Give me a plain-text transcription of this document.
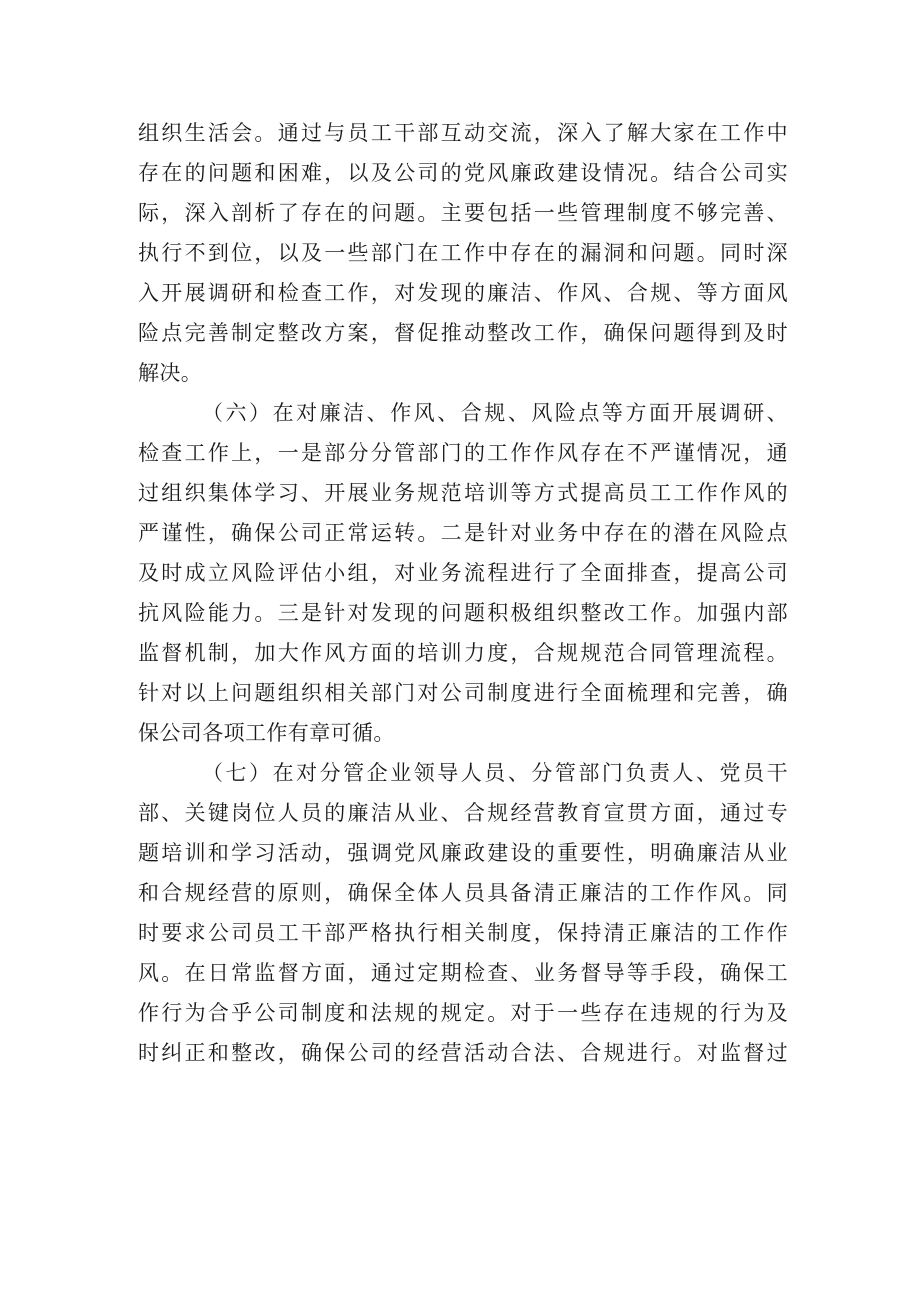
组织生活会。通过与员工干部互动交流，深入了解大家在工作中
存在的问题和困难，以及公司的党风廉政建设情况。结合公司实
际，深入剖析了存在的问题。主要包括一些管理制度不够完善、
执行不到位，以及一些部门在工作中存在的漏洞和问题。同时深
入开展调研和检查工作，对发现的廉洁、作风、合规、等方面风
险点完善制定整改方案，督促推动整改工作，确保问题得到及时
解决。
（六）在对廉洁、作风、合规、风险点等方面开展调研、
检查工作上，一是部分分管部门的工作作风存在不严谨情况，通
过组织集体学习、开展业务规范培训等方式提高员工工作作风的
严谨性，确保公司正常运转。二是针对业务中存在的潜在风险点
及时成立风险评估小组，对业务流程进行了全面排查，提高公司
抗风险能力。三是针对发现的问题积极组织整改工作。加强内部
监督机制，加大作风方面的培训力度，合规规范合同管理流程。
针对以上问题组织相关部门对公司制度进行全面梳理和完善，确
保公司各项工作有章可循。
（七）在对分管企业领导人员、分管部门负责人、党员干
部、关键岗位人员的廉洁从业、合规经营教育宣贯方面，通过专
题培训和学习活动，强调党风廉政建设的重要性，明确廉洁从业
和合规经营的原则，确保全体人员具备清正廉洁的工作作风。同
时要求公司员工干部严格执行相关制度，保持清正廉洁的工作作
风。在日常监督方面，通过定期检查、业务督导等手段，确保工
作行为合乎公司制度和法规的规定。对于一些存在违规的行为及
时纠正和整改，确保公司的经营活动合法、合规进行。对监督过
